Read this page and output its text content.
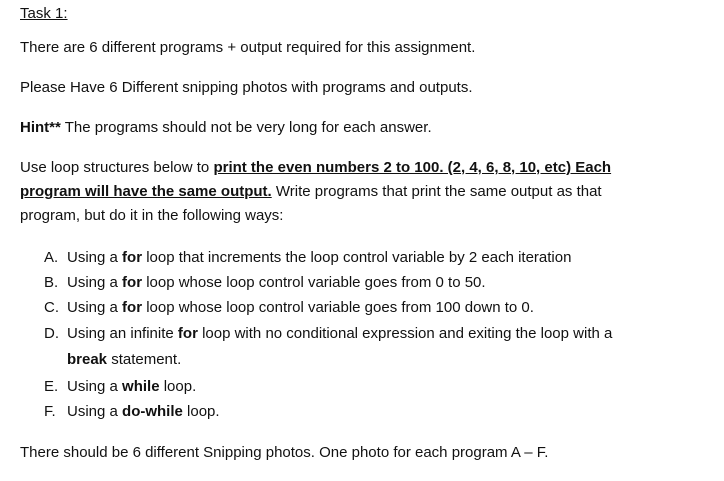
Task 1:
There are 6 different programs + output required for this assignment.
Please Have 6 Different snipping photos with programs and outputs.
Hint** The programs should not be very long for each answer.
Use loop structures below to print the even numbers 2 to 100. (2, 4, 6, 8, 10, etc) Each
program will have the same output. Write programs that print the same output as that
program, but do it in the following ways:
A. Using a for loop that increments the loop control variable by 2 each iteration
B. Using a for loop whose loop control variable goes from 0 to 50.
C. Using a for loop whose loop control variable goes from 100 down to 0.
D. Using an infinite for loop with no conditional expression and exiting the loop with a
break statement.
E. Using a while loop.
F. Using a do-while loop.
There should be 6 different Snipping photos. One photo for each program A – F.
